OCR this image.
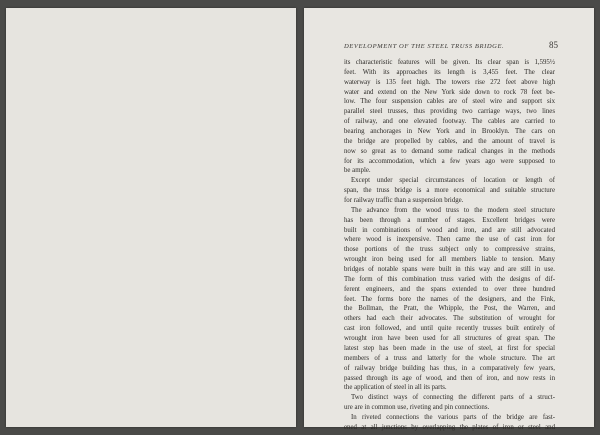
DEVELOPMENT OF THE STEEL TRUSS BRIDGE.	85
its characteristic features will be given. Its clear span is 1,595½
feet. With its approaches its length is 3,455 feet. The clear
waterway is 135 feet high. The towers rise 272 feet above high
water and extend on the New York side down to rock 78 feet be-
low. The four suspension cables are of steel wire and support six
parallel steel trusses, thus providing two carriage ways, two lines
of railway, and one elevated footway. The cables are carried to
bearing anchorages in New York and in Brooklyn. The cars on
the bridge are propelled by cables, and the amount of travel is
now so great as to demand some radical changes in the methods
for its accommodation, which a few years ago were supposed to
be ample.
Except under special circumstances of location or length of
span, the truss bridge is a more economical and suitable structure
for railway traffic than a suspension bridge.
The advance from the wood truss to the modern steel structure
has been through a number of stages. Excellent bridges were
built in combinations of wood and iron, and are still advocated
where wood is inexpensive. Then came the use of cast iron for
those portions of the truss subject only to compressive strains,
wrought iron being used for all members liable to tension. Many
bridges of notable spans were built in this way and are still in use.
The form of this combination truss varied with the designs of dif-
ferent engineers, and the spans extended to over three hundred
feet. The forms bore the names of the designers, and the Fink,
the Bollman, the Pratt, the Whipple, the Post, the Warren, and
others had each their advocates. The substitution of wrought for
cast iron followed, and until quite recently trusses built entirely of
wrought iron have been used for all structures of great span. The
latest step has been made in the use of steel, at first for special
members of a truss and latterly for the whole structure. The art
of railway bridge building has thus, in a comparatively few years,
passed through its age of wood, and then of iron, and now rests in
the application of steel in all its parts.
Two distinct ways of connecting the different parts of a struct-
ure are in common use, riveting and pin connections.
In riveted connections the various parts of the bridge are fast-
ened at all junctions by overlapping the plates of iron or steel and
